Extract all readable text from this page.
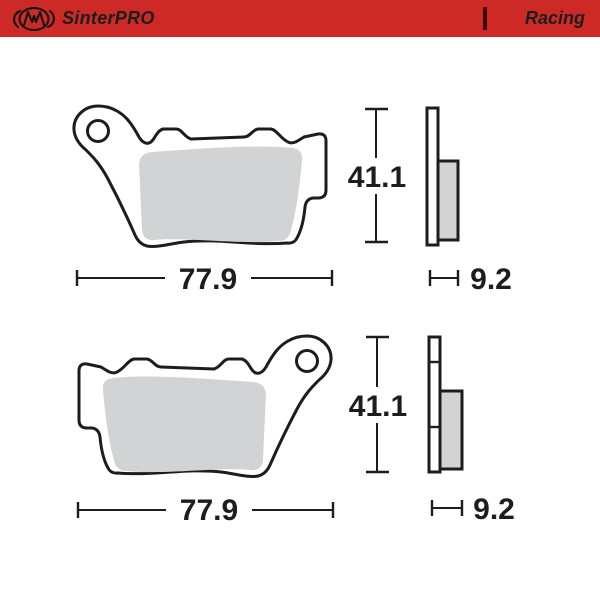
SinterPRO	Racing
41.1
77.9	9.2
41.1
77.9	9.2
